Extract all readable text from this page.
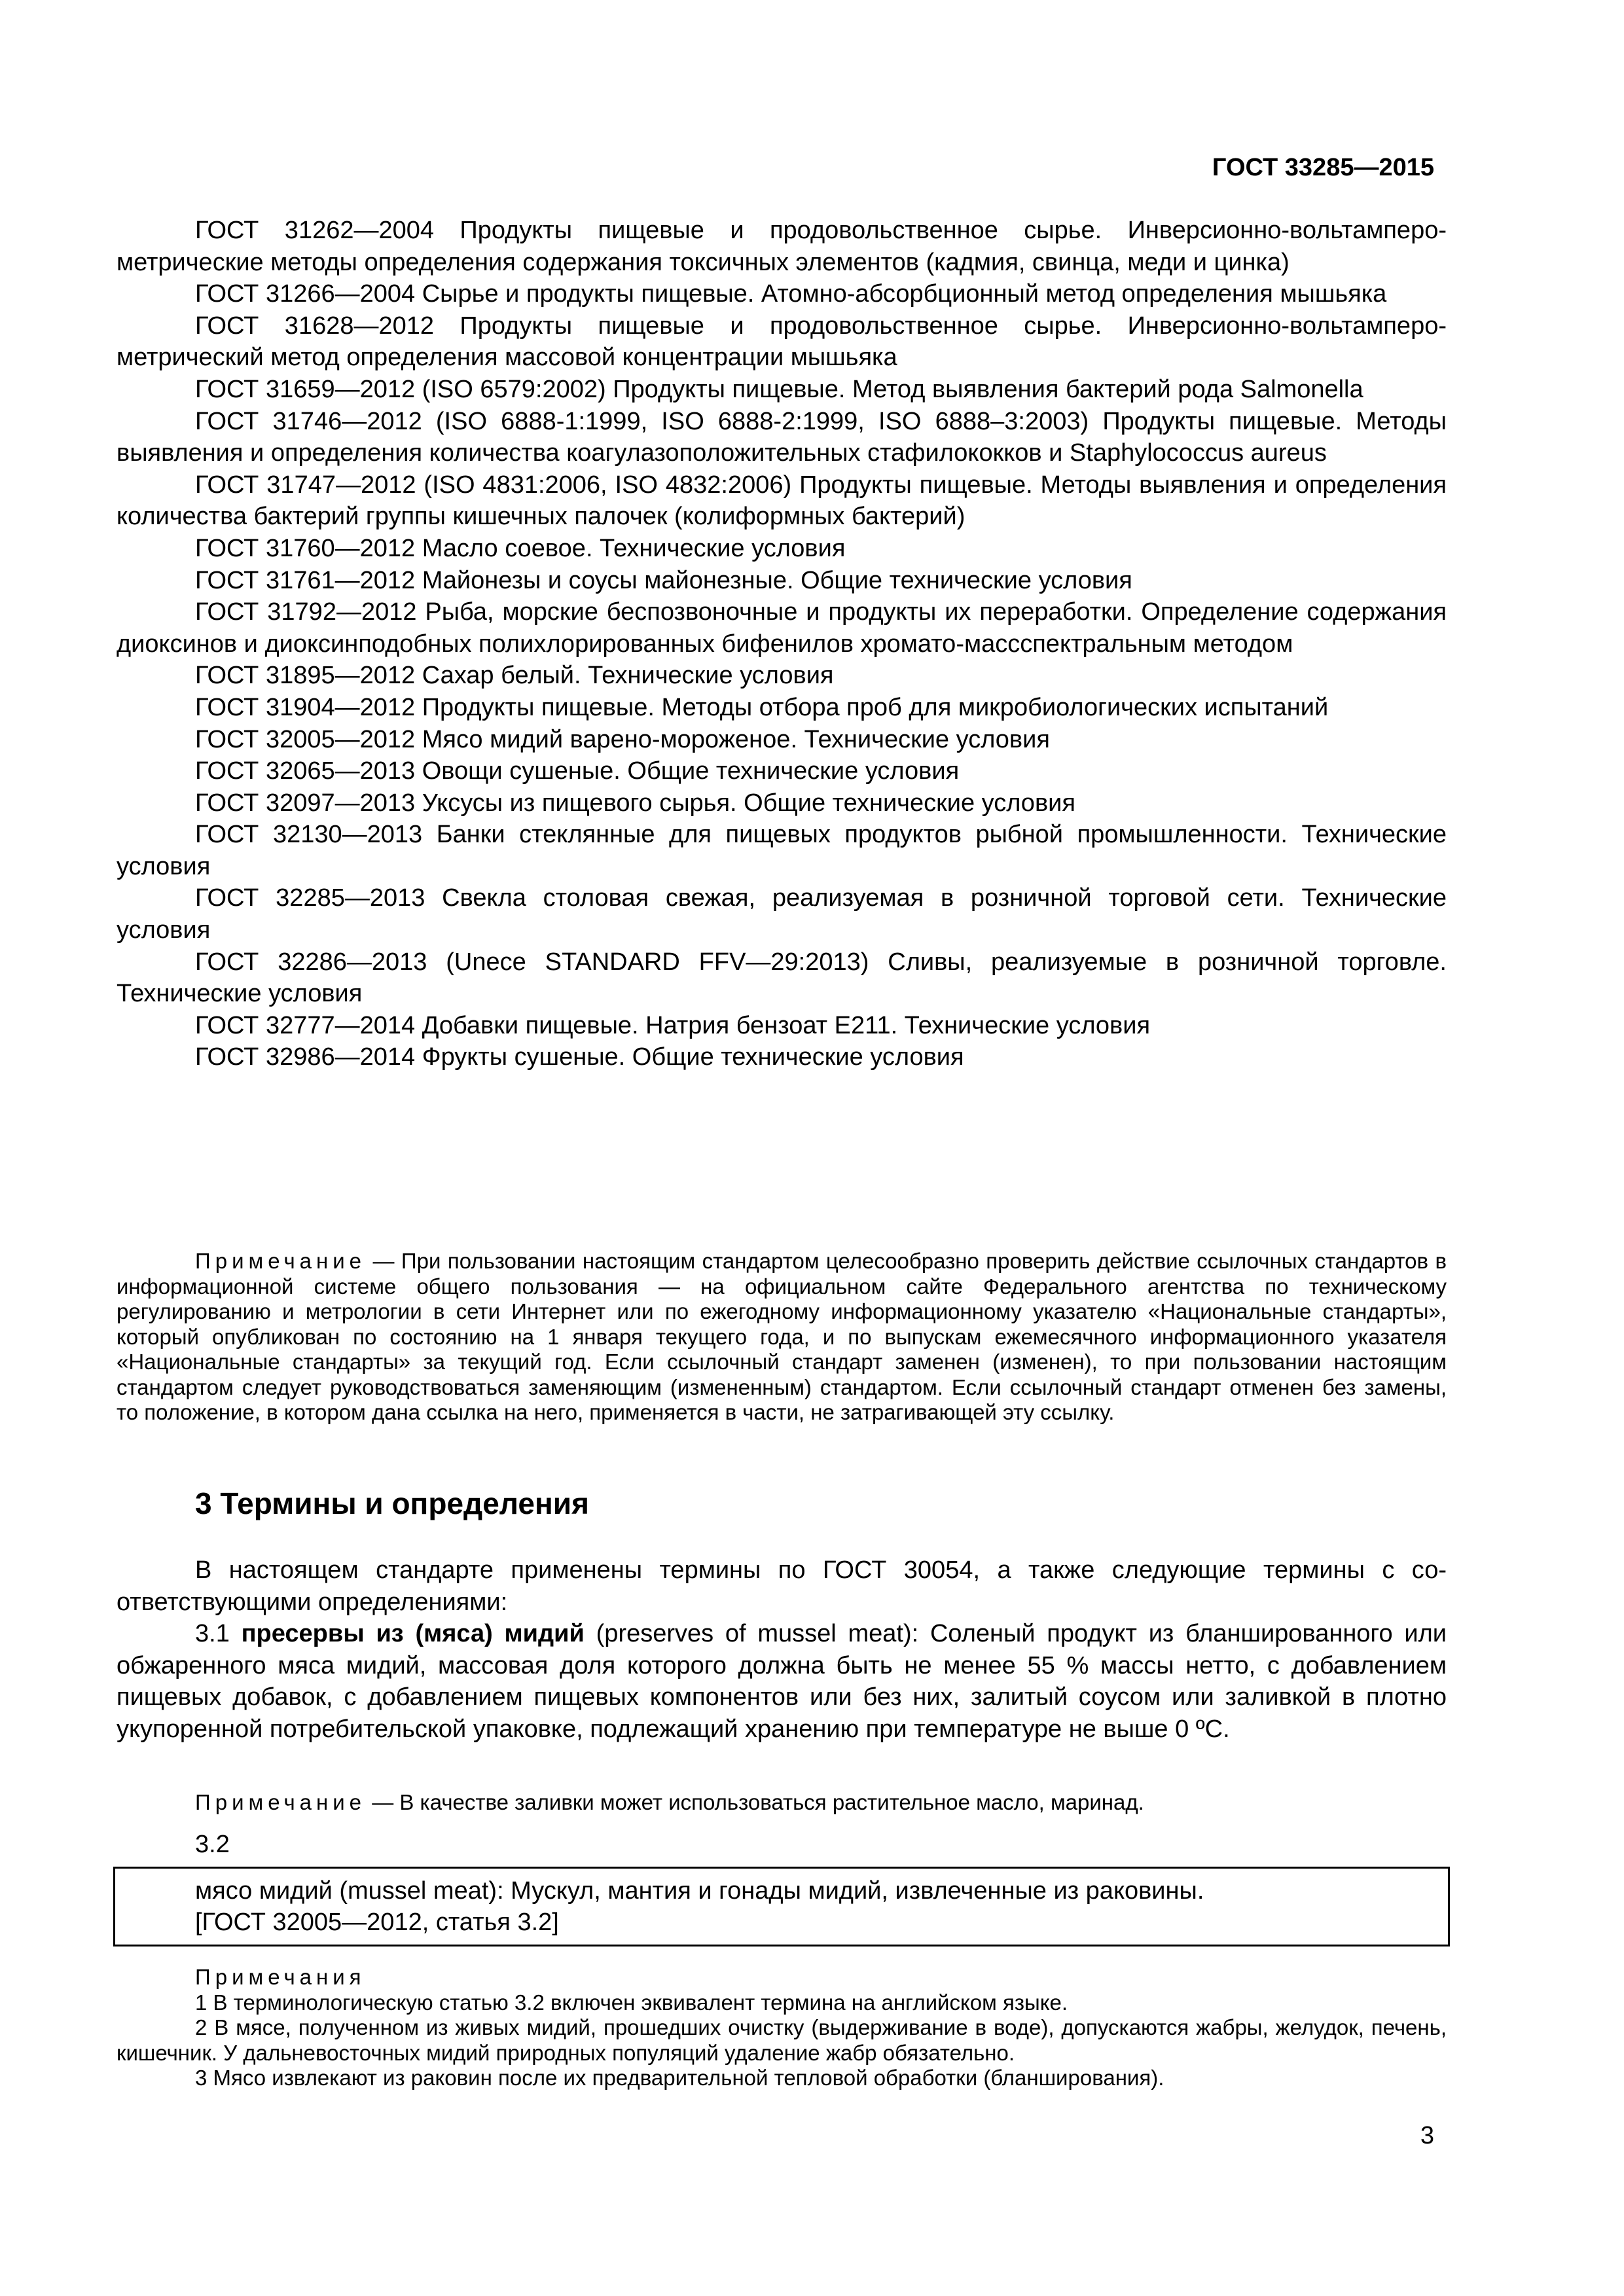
ГОСТ 33285—2015

ГОСТ 31262—2004 Продукты пищевые и продовольственное сырье. Инверсионно-вольтамперометрические методы определения содержания токсичных элементов (кадмия, свинца, меди и цинка)

ГОСТ 31266—2004 Сырье и продукты пищевые. Атомно-абсорбционный метод определения мышьяка

ГОСТ 31628—2012 Продукты пищевые и продовольственное сырье. Инверсионно-вольтамперометрический метод определения массовой концентрации мышьяка

ГОСТ 31659—2012 (ISO 6579:2002) Продукты пищевые. Метод выявления бактерий рода Salmonella

ГОСТ 31746—2012 (ISO 6888-1:1999, ISO 6888-2:1999, ISO 6888–3:2003) Продукты пищевые. Методы выявления и определения количества коагулазоположительных стафилококков и Staphylococcus aureus

ГОСТ 31747—2012 (ISO 4831:2006, ISO 4832:2006) Продукты пищевые. Методы выявления и определения количества бактерий группы кишечных палочек (колиформных бактерий)

ГОСТ 31760—2012 Масло соевое. Технические условия

ГОСТ 31761—2012 Майонезы и соусы майонезные. Общие технические условия

ГОСТ 31792—2012 Рыба, морские беспозвоночные и продукты их переработки. Определение содержания диоксинов и диоксинподобных полихлорированных бифенилов хромато-массспектральным методом

ГОСТ 31895—2012 Сахар белый. Технические условия

ГОСТ 31904—2012 Продукты пищевые. Методы отбора проб для микробиологических испытаний

ГОСТ 32005—2012 Мясо мидий варено-мороженое. Технические условия

ГОСТ 32065—2013 Овощи сушеные. Общие технические условия

ГОСТ 32097—2013 Уксусы из пищевого сырья. Общие технические условия

ГОСТ 32130—2013 Банки стеклянные для пищевых продуктов рыбной промышленности. Технические условия

ГОСТ 32285—2013 Свекла столовая свежая, реализуемая в розничной торговой сети. Технические условия

ГОСТ 32286—2013 (Unece STANDARD FFV—29:2013) Сливы, реализуемые в розничной торговле. Технические условия

ГОСТ 32777—2014 Добавки пищевые. Натрия бензоат E211. Технические условия

ГОСТ 32986—2014 Фрукты сушеные. Общие технические условия

Примечание — При пользовании настоящим стандартом целесообразно проверить действие ссылочных стандартов в информационной системе общего пользования — на официальном сайте Федерального агентства по техническому регулированию и метрологии в сети Интернет или по ежегодному информационному указателю «Национальные стандарты», который опубликован по состоянию на 1 января текущего года, и по выпускам ежемесячного информационного указателя «Национальные стандарты» за текущий год. Если ссылочный стандарт заменен (изменен), то при пользовании настоящим стандартом следует руководствоваться заменяющим (измененным) стандартом. Если ссылочный стандарт отменен без замены, то положение, в котором дана ссылка на него, применяется в части, не затрагивающей эту ссылку.

3 Термины и определения

В настоящем стандарте применены термины по ГОСТ 30054, а также следующие термины с соответствующими определениями:

3.1 пресервы из (мяса) мидий (preserves of mussel meat): Соленый продукт из бланшированного или обжаренного мяса мидий, массовая доля которого должна быть не менее 55 % массы нетто, с добавлением пищевых добавок, с добавлением пищевых компонентов или без них, залитый соусом или заливкой в плотно укупоренной потребительской упаковке, подлежащий хранению при температуре не выше 0 ºС.

Примечание — В качестве заливки может использоваться растительное масло, маринад.

3.2
мясо мидий (mussel meat): Мускул, мантия и гонады мидий, извлеченные из раковины.
[ГОСТ 32005—2012, статья 3.2]

Примечания

1 В терминологическую статью 3.2 включен эквивалент термина на английском языке.

2 В мясе, полученном из живых мидий, прошедших очистку (выдерживание в воде), допускаются жабры, желудок, печень, кишечник. У дальневосточных мидий природных популяций удаление жабр обязательно.

3 Мясо извлекают из раковин после их предварительной тепловой обработки (бланширования).

3
